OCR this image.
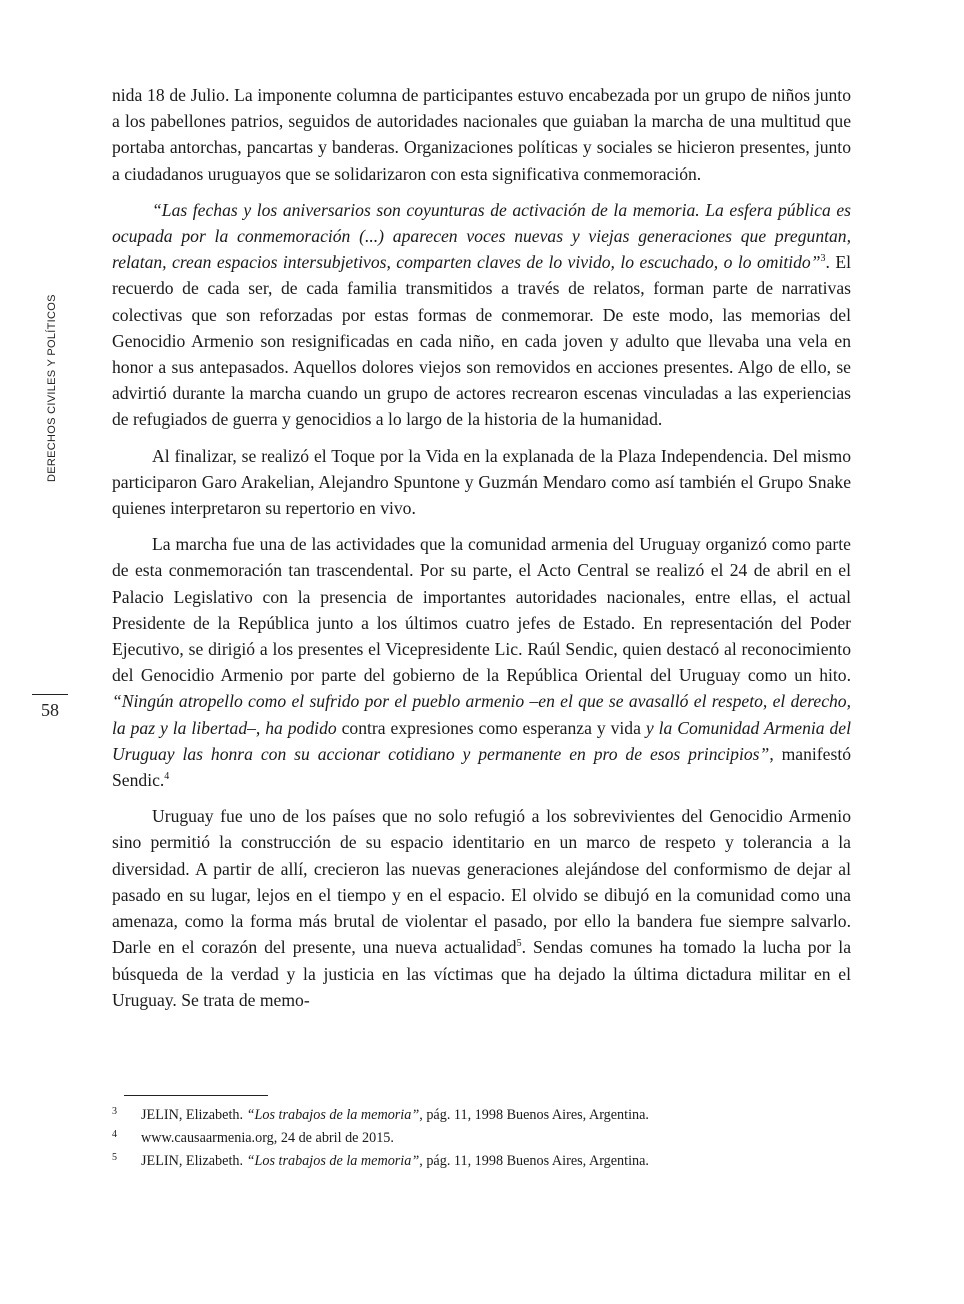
DERECHOS CIVILES Y POLÍTICOS
58

nida 18 de Julio. La imponente columna de participantes estuvo encabezada por un grupo de niños junto a los pabellones patrios, seguidos de autoridades nacionales que guiaban la marcha de una multitud que portaba antorchas, pancartas y banderas. Organizaciones políticas y sociales se hicieron presentes, junto a ciudadanos uruguayos que se solidarizaron con esta significativa conmemoración.

“Las fechas y los aniversarios son coyunturas de activación de la memoria. La esfera pública es ocupada por la conmemoración (...) aparecen voces nuevas y viejas generaciones que preguntan, relatan, crean espacios intersubjetivos, comparten claves de lo vivido, lo escuchado, o lo omitido”$^3$. El recuerdo de cada ser, de cada familia transmitidos a través de relatos, forman parte de narrativas colectivas que son reforzadas por estas formas de conmemorar. De este modo, las memorias del Genocidio Armenio son resignificadas en cada niño, en cada joven y adulto que llevaba una vela en honor a sus antepasados. Aquellos dolores viejos son removidos en acciones presentes. Algo de ello, se advirtió durante la marcha cuando un grupo de actores recrearon escenas vinculadas a las experiencias de refugiados de guerra y genocidios a lo largo de la historia de la humanidad.

Al finalizar, se realizó el Toque por la Vida en la explanada de la Plaza Independencia. Del mismo participaron Garo Arakelian, Alejandro Spuntone y Guzmán Mendaro como así también el Grupo Snake quienes interpretaron su repertorio en vivo.

La marcha fue una de las actividades que la comunidad armenia del Uruguay organizó como parte de esta conmemoración tan trascendental. Por su parte, el Acto Central se realizó el 24 de abril en el Palacio Legislativo con la presencia de importantes autoridades nacionales, entre ellas, el actual Presidente de la República junto a los últimos cuatro jefes de Estado. En representación del Poder Ejecutivo, se dirigió a los presentes el Vicepresidente Lic. Raúl Sendic, quien destacó al reconocimiento del Genocidio Armenio por parte del gobierno de la República Oriental del Uruguay como un hito. “Ningún atropello como el sufrido por el pueblo armenio –en el que se avasalló el respeto, el derecho, la paz y la libertad–, ha podido contra expresiones como esperanza y vida y la Comunidad Armenia del Uruguay las honra con su accionar cotidiano y permanente en pro de esos principios”, manifestó Sendic.$^4$

Uruguay fue uno de los países que no solo refugió a los sobrevivientes del Genocidio Armenio sino permitió la construcción de su espacio identitario en un marco de respeto y tolerancia a la diversidad. A partir de allí, crecieron las nuevas generaciones alejándose del conformismo de dejar al pasado en su lugar, lejos en el tiempo y en el espacio. El olvido se dibujó en la comunidad como una amenaza, como la forma más brutal de violentar el pasado, por ello la bandera fue siempre salvarlo. Darle en el corazón del presente, una nueva actualidad$^5$. Sendas comunes ha tomado la lucha por la búsqueda de la verdad y la justicia en las víctimas que ha dejado la última dictadura militar en el Uruguay. Se trata de memo-

3	JELIN, Elizabeth. “Los trabajos de la memoria”, pág. 11, 1998 Buenos Aires, Argentina.
4	www.causaarmenia.org, 24 de abril de 2015.
5	JELIN, Elizabeth. “Los trabajos de la memoria”, pág. 11, 1998 Buenos Aires, Argentina.
